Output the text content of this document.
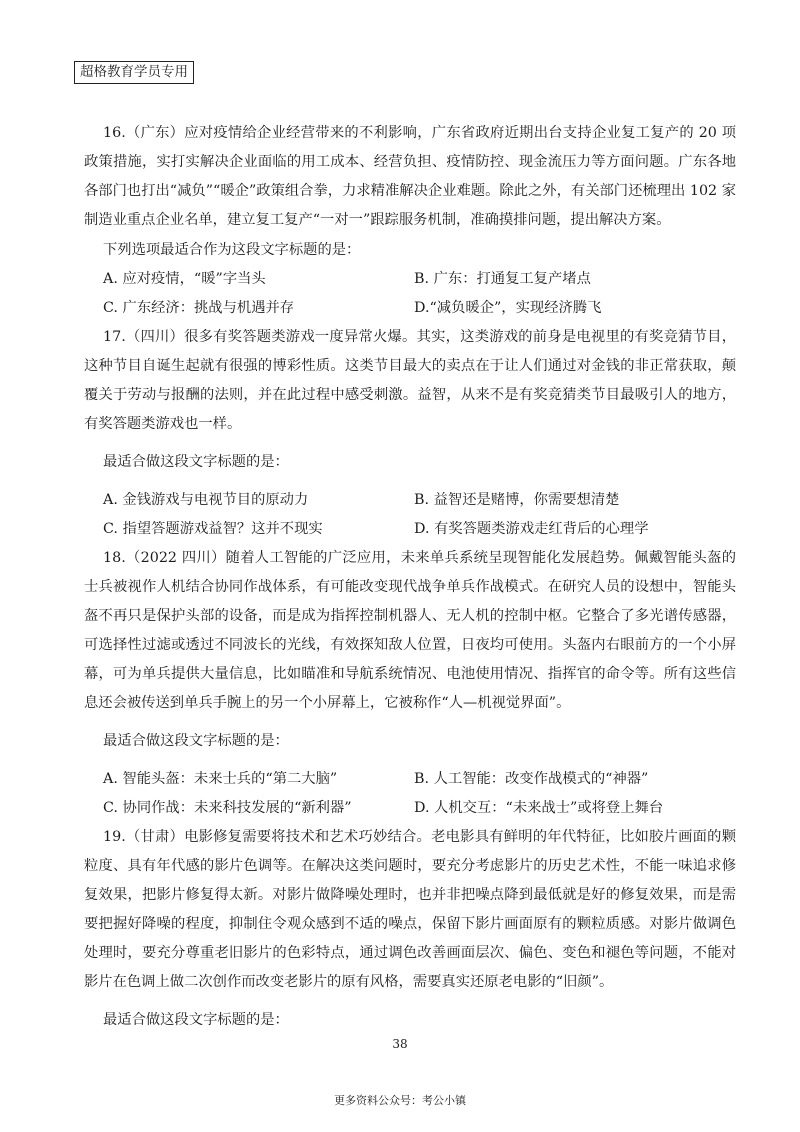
超格教育学员专用

16.（广东）应对疫情给企业经营带来的不利影响，广东省政府近期出台支持企业复工复产的 20 项政策措施，实打实解决企业面临的用工成本、经营负担、疫情防控、现金流压力等方面问题。广东各地各部门也打出“减负”“暖企”政策组合拳，力求精准解决企业难题。除此之外，有关部门还梳理出 102 家制造业重点企业名单，建立复工复产“一对一”跟踪服务机制，准确摸排问题，提出解决方案。

下列选项最适合作为这段文字标题的是：

A. 应对疫情，“暖”字当头	B. 广东：打通复工复产堵点
C. 广东经济：挑战与机遇并存	D.“减负暖企”，实现经济腾飞

17.（四川）很多有奖答题类游戏一度异常火爆。其实，这类游戏的前身是电视里的有奖竞猜节目，这种节目自诞生起就有很强的博彩性质。这类节目最大的卖点在于让人们通过对金钱的非正常获取，颠覆关于劳动与报酬的法则，并在此过程中感受刺激。益智，从来不是有奖竞猜类节目最吸引人的地方，有奖答题类游戏也一样。

最适合做这段文字标题的是：

A. 金钱游戏与电视节目的原动力	B. 益智还是赌博，你需要想清楚
C. 指望答题游戏益智？这并不现实	D. 有奖答题类游戏走红背后的心理学

18.（2022 四川）随着人工智能的广泛应用，未来单兵系统呈现智能化发展趋势。佩戴智能头盔的士兵被视作人机结合协同作战体系，有可能改变现代战争单兵作战模式。在研究人员的设想中，智能头盔不再只是保护头部的设备，而是成为指挥控制机器人、无人机的控制中枢。它整合了多光谱传感器，可选择性过滤或透过不同波长的光线，有效探知敌人位置，日夜均可使用。头盔内右眼前方的一个小屏幕，可为单兵提供大量信息，比如瞄准和导航系统情况、电池使用情况、指挥官的命令等。所有这些信息还会被传送到单兵手腕上的另一个小屏幕上，它被称作“人—机视觉界面”。

最适合做这段文字标题的是：

A. 智能头盔：未来士兵的“第二大脑”	B. 人工智能：改变作战模式的“神器”
C. 协同作战：未来科技发展的“新利器”	D. 人机交互：“未来战士”或将登上舞台

19.（甘肃）电影修复需要将技术和艺术巧妙结合。老电影具有鲜明的年代特征，比如胶片画面的颗粒度、具有年代感的影片色调等。在解决这类问题时，要充分考虑影片的历史艺术性，不能一味追求修复效果，把影片修复得太新。对影片做降噪处理时，也并非把噪点降到最低就是好的修复效果，而是需要把握好降噪的程度，抑制住令观众感到不适的噪点，保留下影片画面原有的颗粒质感。对影片做调色处理时，要充分尊重老旧影片的色彩特点，通过调色改善画面层次、偏色、变色和褪色等问题，不能对影片在色调上做二次创作而改变老影片的原有风格，需要真实还原老电影的“旧颜”。

最适合做这段文字标题的是：

38
更多资料公众号：考公小镇
